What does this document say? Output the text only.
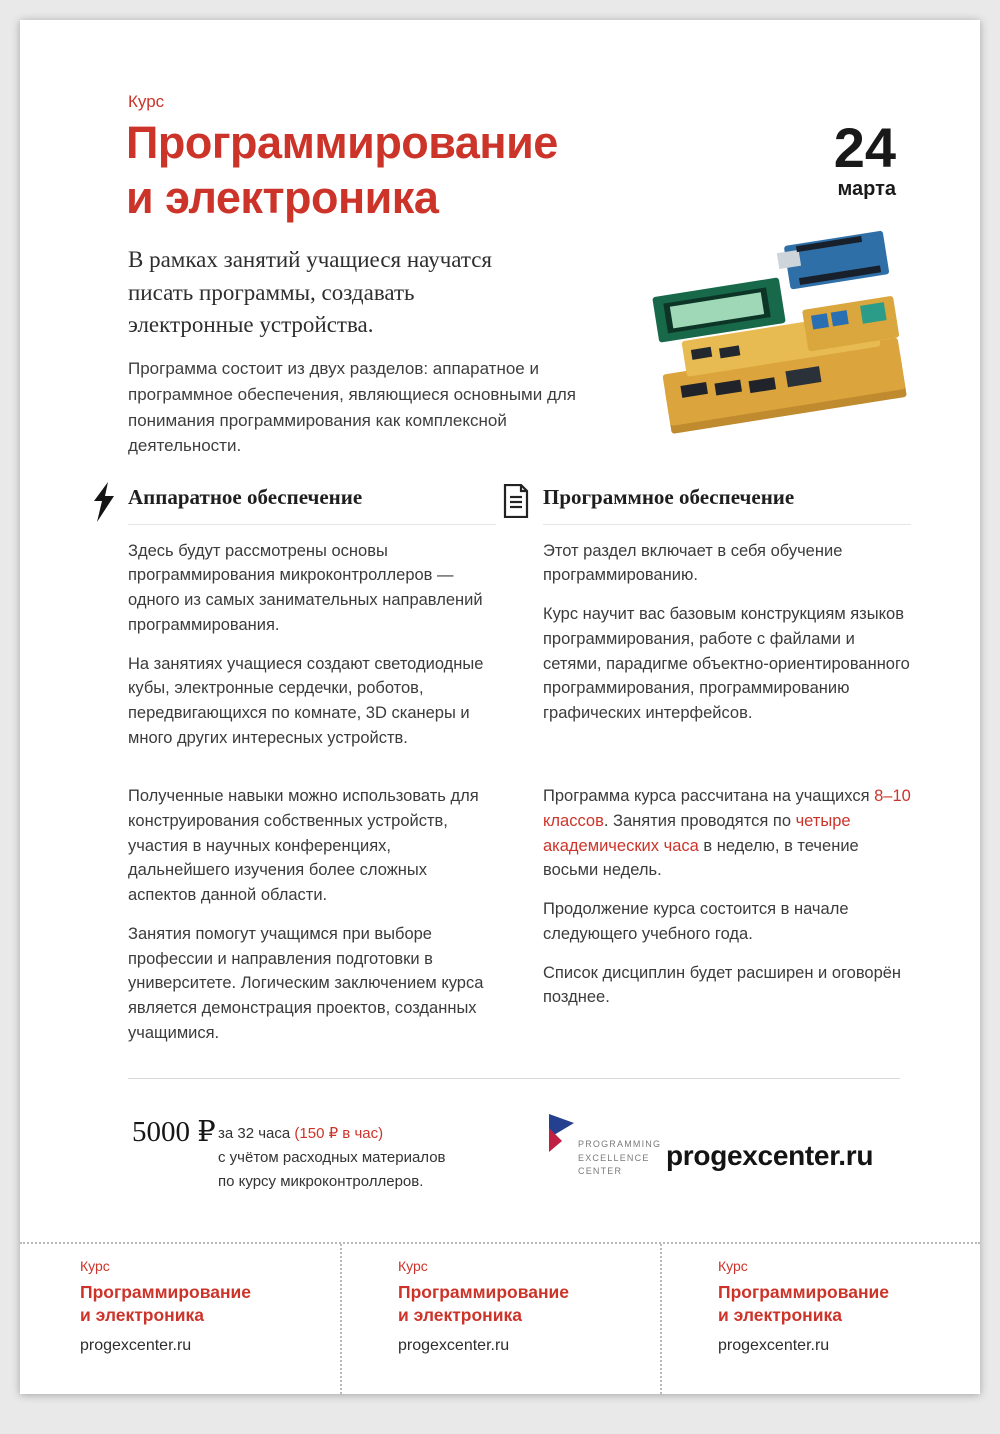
Курс
Программирование
и электроника
24
марта
В рамках занятий учащиеся научатся писать программы, создавать электронные устройства.
Программа состоит из двух разделов: аппаратное и программное обеспечения, являющиеся основными для понимания программирования как комплексной деятельности.
Аппаратное обеспечение

Здесь будут рассмотрены основы программирования микроконтроллеров — одного из самых занимательных направлений программирования.

На занятиях учащиеся создают светодиодные кубы, электронные сердечки, роботов, передвигающихся по комнате, 3D сканеры и много других интересных устройств.

Полученные навыки можно использовать для конструирования собственных устройств, участия в научных конференциях, дальнейшего изучения более сложных аспектов данной области.

Занятия помогут учащимся при выборе профессии и направления подготовки в университете. Логическим заключением курса является демонстрация проектов, созданных учащимися.

Программное обеспечение

Этот раздел включает в себя обучение программированию.

Курс научит вас базовым конструкциям языков программирования, работе с файлами и сетями, парадигме объектно-ориентированного программирования, программированию графических интерфейсов.

Программа курса рассчитана на учащихся 8–10 классов. Занятия проводятся по четыре академических часа в неделю, в течение восьми недель.

Продолжение курса состоится в начале следующего учебного года.

Список дисциплин будет расширен и оговорён позднее.

5000 ₽ за 32 часа (150 ₽ в час)
с учётом расходных материалов
по курсу микроконтроллеров.
PROGRAMMING
EXCELLENCE
CENTER	progexcenter.ru
Курс
Программирование
и электроника
progexcenter.ru
Курс
Программирование
и электроника
progexcenter.ru
Курс
Программирование
и электроника
progexcenter.ru
